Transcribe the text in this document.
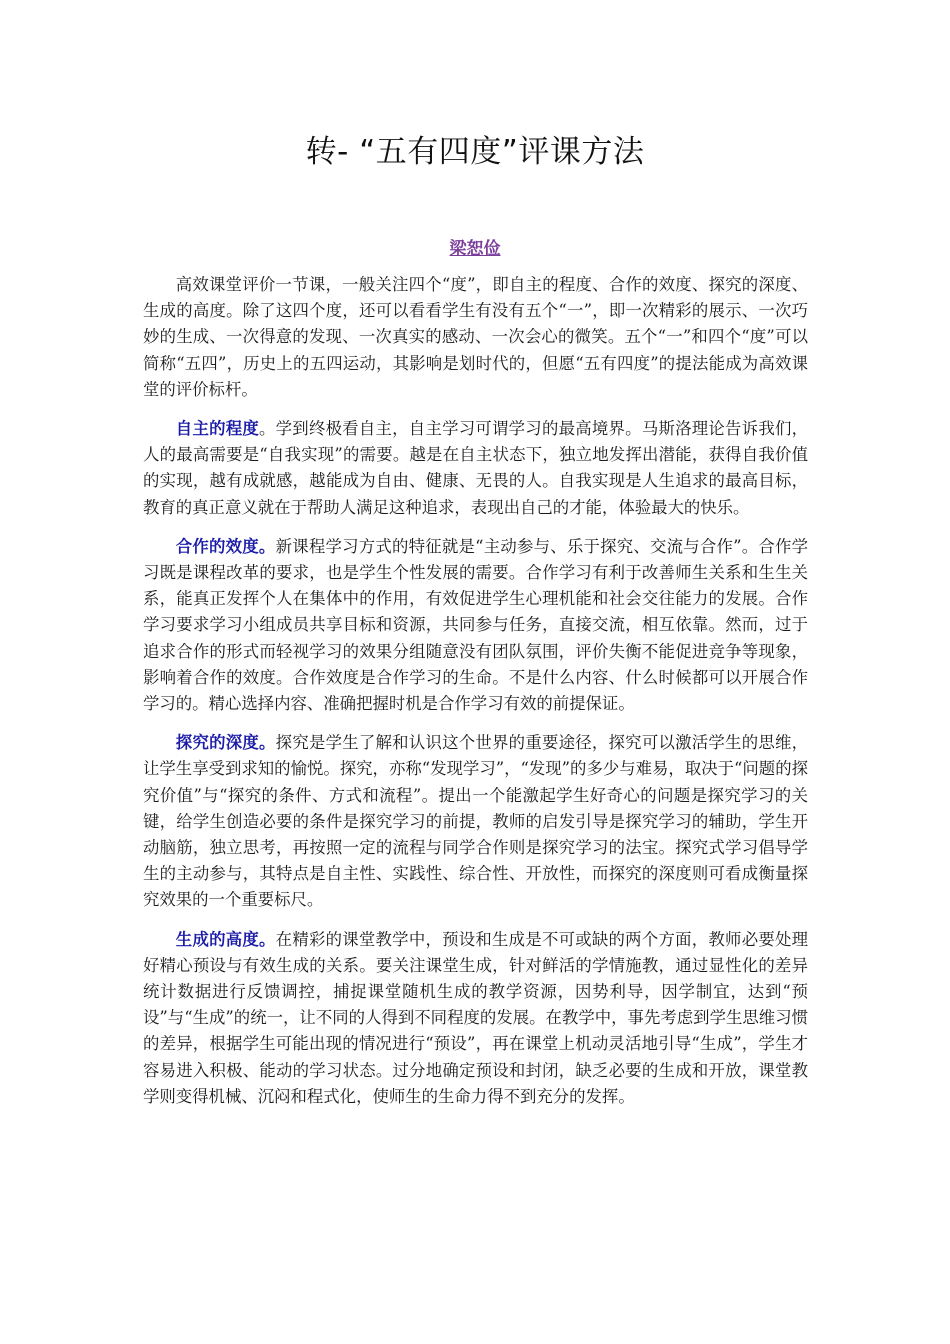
转- “五有四度”评课方法
梁恕俭

高效课堂评价一节课，一般关注四个“度”，即自主的程度、合作的效度、探究的深度、生成的高度。除了这四个度，还可以看看学生有没有五个“一”，即一次精彩的展示、一次巧妙的生成、一次得意的发现、一次真实的感动、一次会心的微笑。五个“一”和四个“度”可以简称“五四”，历史上的五四运动，其影响是划时代的，但愿“五有四度”的提法能成为高效课堂的评价标杆。

自主的程度。学到终极看自主，自主学习可谓学习的最高境界。马斯洛理论告诉我们，人的最高需要是“自我实现”的需要。越是在自主状态下，独立地发挥出潜能，获得自我价值的实现，越有成就感，越能成为自由、健康、无畏的人。自我实现是人生追求的最高目标，教育的真正意义就在于帮助人满足这种追求，表现出自己的才能，体验最大的快乐。

合作的效度。新课程学习方式的特征就是“主动参与、乐于探究、交流与合作”。合作学习既是课程改革的要求，也是学生个性发展的需要。合作学习有利于改善师生关系和生生关系，能真正发挥个人在集体中的作用，有效促进学生心理机能和社会交往能力的发展。合作学习要求学习小组成员共享目标和资源，共同参与任务，直接交流，相互依靠。然而，过于追求合作的形式而轻视学习的效果分组随意没有团队氛围，评价失衡不能促进竞争等现象，影响着合作的效度。合作效度是合作学习的生命。不是什么内容、什么时候都可以开展合作学习的。精心选择内容、准确把握时机是合作学习有效的前提保证。

探究的深度。探究是学生了解和认识这个世界的重要途径，探究可以激活学生的思维，让学生享受到求知的愉悦。探究，亦称“发现学习”，“发现”的多少与难易，取决于“问题的探究价值”与“探究的条件、方式和流程”。提出一个能激起学生好奇心的问题是探究学习的关键，给学生创造必要的条件是探究学习的前提，教师的启发引导是探究学习的辅助，学生开动脑筋，独立思考，再按照一定的流程与同学合作则是探究学习的法宝。探究式学习倡导学生的主动参与，其特点是自主性、实践性、综合性、开放性，而探究的深度则可看成衡量探究效果的一个重要标尺。

生成的高度。在精彩的课堂教学中，预设和生成是不可或缺的两个方面，教师必要处理好精心预设与有效生成的关系。要关注课堂生成，针对鲜活的学情施教，通过显性化的差异统计数据进行反馈调控，捕捉课堂随机生成的教学资源，因势利导，因学制宜，达到“预设”与“生成”的统一，让不同的人得到不同程度的发展。在教学中，事先考虑到学生思维习惯的差异，根据学生可能出现的情况进行“预设”，再在课堂上机动灵活地引导“生成”，学生才容易进入积极、能动的学习状态。过分地确定预设和封闭，缺乏必要的生成和开放，课堂教学则变得机械、沉闷和程式化，使师生的生命力得不到充分的发挥。
